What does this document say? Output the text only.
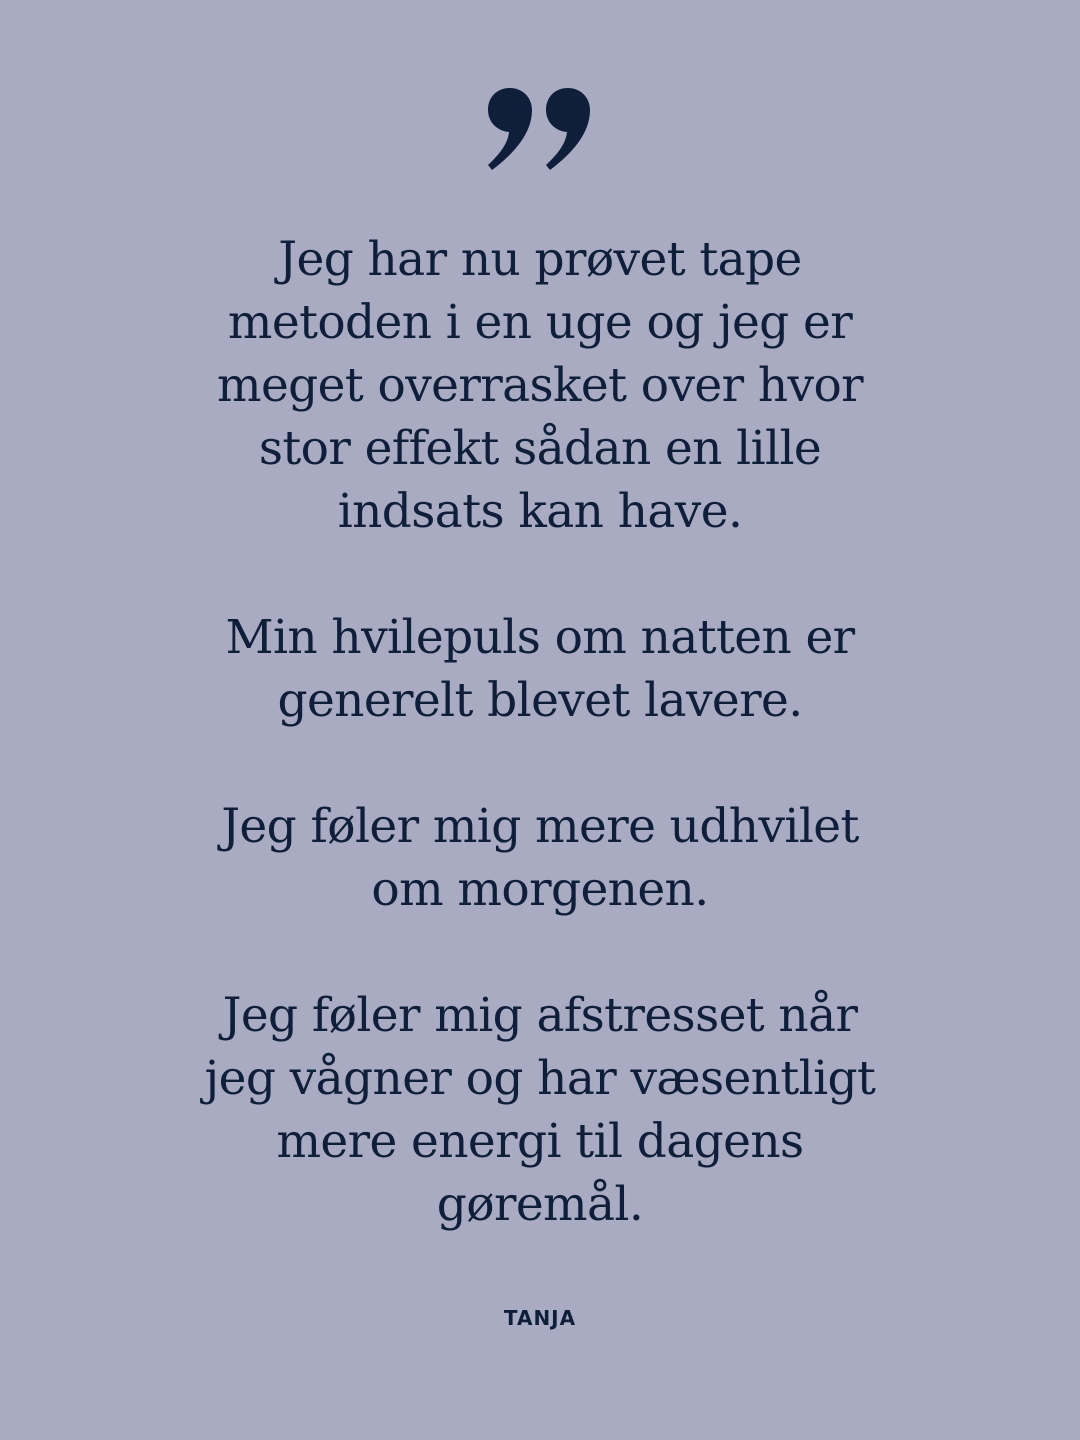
Jeg har nu prøvet tape
metoden i en uge og jeg er
meget overrasket over hvor
stor effekt sådan en lille
indsats kan have.

Min hvilepuls om natten er
generelt blevet lavere.

Jeg føler mig mere udhvilet
om morgenen.

Jeg føler mig afstresset når
jeg vågner og har væsentligt
mere energi til dagens
gøremål.

TANJA
